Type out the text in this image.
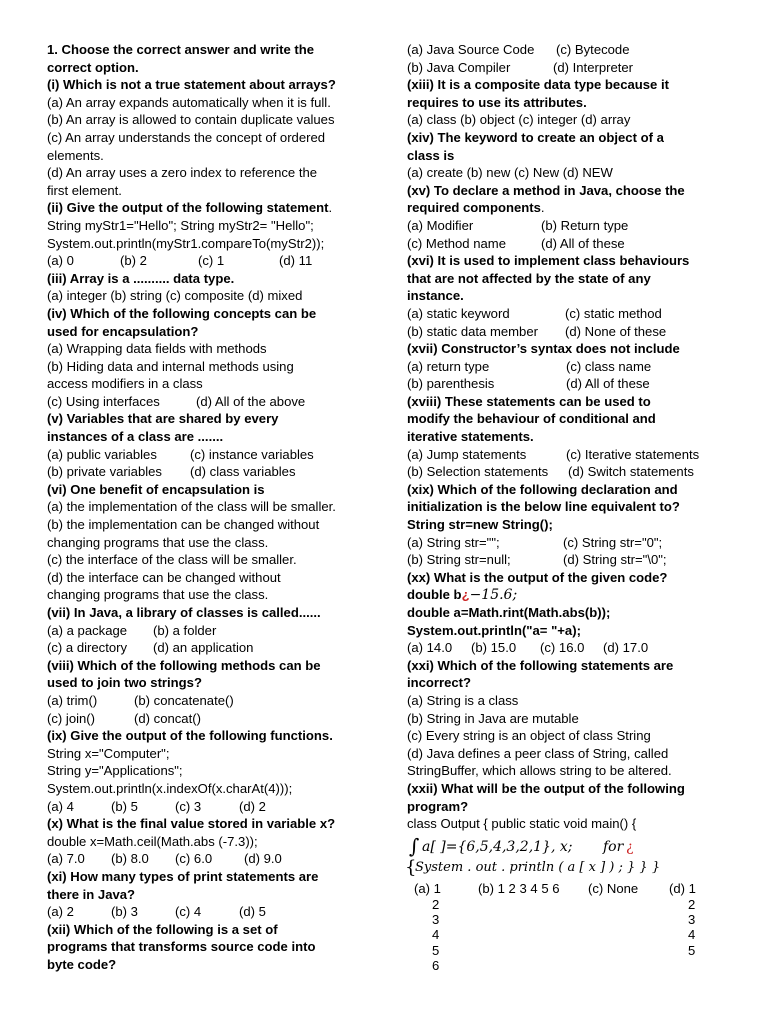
1. Choose the correct answer and write the
correct option.
(i) Which is not a true statement about arrays?
(a) An array expands automatically when it is full.
(b) An array is allowed to contain duplicate values
(c) An array understands the concept of ordered
elements.
(d) An array uses a zero index to reference the
first element.
(ii) Give the output of the following statement.
String myStr1="Hello"; String myStr2= "Hello";
System.out.println(myStr1.compareTo(myStr2));
(a) 0	(b) 2	(c) 1	(d) 11
(iii) Array is a .......... data type.
(a) integer (b) string (c) composite (d) mixed
(iv) Which of the following concepts can be
used for encapsulation?
(a) Wrapping data fields with methods
(b) Hiding data and internal methods using
access modifiers in a class
(c) Using interfaces	(d) All of the above
(v) Variables that are shared by every
instances of a class are .......
(a) public variables	(c) instance variables
(b) private variables (d) class variables
(vi) One benefit of encapsulation is
(a) the implementation of the class will be smaller.
(b) the implementation can be changed without
changing programs that use the class.
(c) the interface of the class will be smaller.
(d) the interface can be changed without
changing programs that use the class.
(vii) In Java, a library of classes is called......
(a) a package (b) a folder
(c) a directory (d) an application
(viii) Which of the following methods can be
used to join two strings?
(a) trim()	(b) concatenate()
(c) join()	(d) concat()
(ix) Give the output of the following functions.
String x="Computer";
String y="Applications";
System.out.println(x.indexOf(x.charAt(4)));
(a) 4	(b) 5	(c) 3	(d) 2
(x) What is the final value stored in variable x?
double x=Math.ceil(Math.abs (-7.3));
(a) 7.0 (b) 8.0 (c) 6.0 (d) 9.0
(xi) How many types of print statements are
there in Java?
(a) 2	(b) 3	(c) 4	(d) 5
(xii) Which of the following is a set of
programs that transforms source code into
byte code?
(a) Java Source Code (c) Bytecode
(b) Java Compiler	(d) Interpreter
(xiii) It is a composite data type because it
requires to use its attributes.
(a) class (b) object (c) integer (d) array
(xiv) The keyword to create an object of a
class is
(a) create (b) new (c) New (d) NEW
(xv) To declare a method in Java, choose the
required components.
(a) Modifier	(b) Return type
(c) Method name	(d) All of these
(xvi) It is used to implement class behaviours
that are not affected by the state of any
instance.
(a) static keyword	(c) static method
(b) static data member (d) None of these
(xvii) Constructor’s syntax does not include
(a) return type	(c) class name
(b) parenthesis	(d) All of these
(xviii) These statements can be used to
modify the behaviour of conditional and
iterative statements.
(a) Jump statements	(c) Iterative statements
(b) Selection statements (d) Switch statements
(xix) Which of the following declaration and
initialization is the below line equivalent to?
String str=new String();
(a) String str="";	(c) String str="0";
(b) String str=null;	(d) String str="\0";
(xx) What is the output of the given code?
double b¿−15.6;
double a=Math.rint(Math.abs(b));
System.out.println("a= "+a);
(a) 14.0 (b) 15.0 (c) 16.0 (d) 17.0
(xxi) Which of the following statements are
incorrect?
(a) String is a class
(b) String in Java are mutable
(c) Every string is an object of class String
(d) Java defines a peer class of String, called
StringBuffer, which allows string to be altered.
(xxii) What will be the output of the following
program?
class Output { public static void main() {
∫ a[ ]={6,5,4,3,2,1}, x; for ¿
{
System . out . println ( a [ x ] ) ; } } }
(a) 1
2
3
4
5
6
(b) 1 2 3 4 5 6 (c) None (d) 1
2
3
4
5
